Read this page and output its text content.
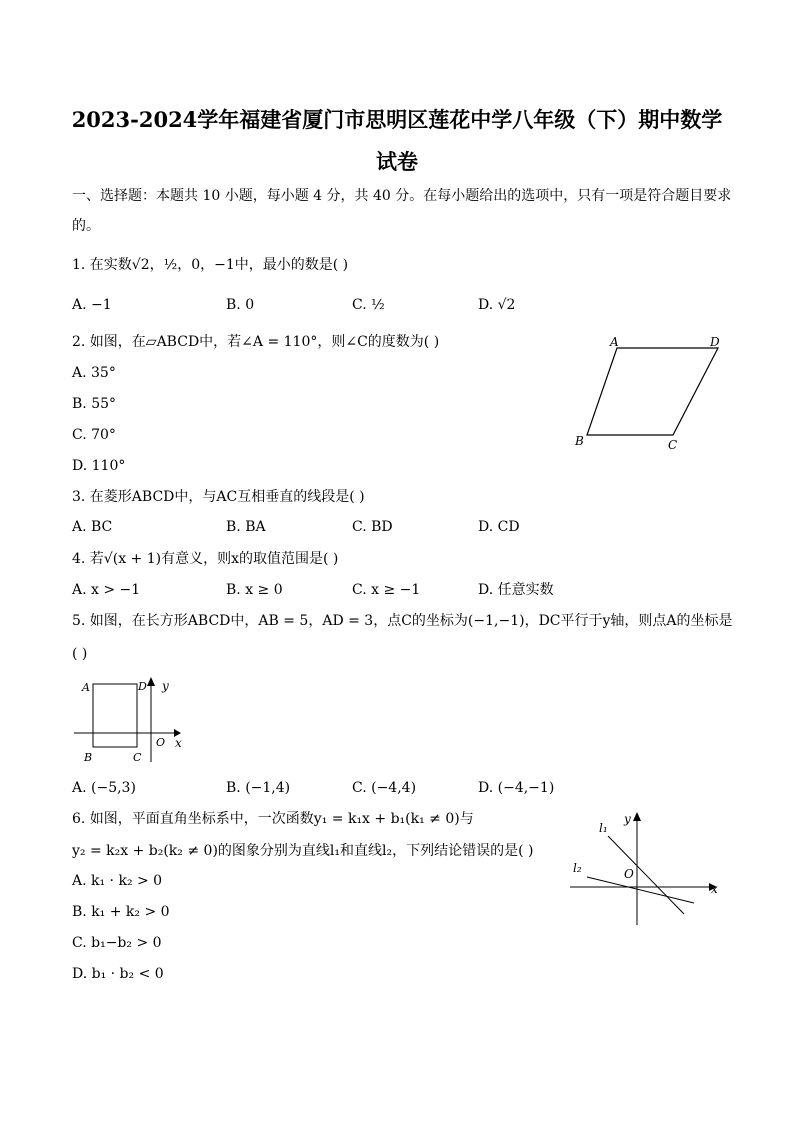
2023-2024学年福建省厦门市思明区莲花中学八年级（下）期中数学
试卷
一、选择题：本题共 10 小题，每小题 4 分，共 40 分。在每小题给出的选项中，只有一项是符合题目要求
的。
1. 在实数√2，½，0，−1中，最小的数是( )
A. −1	B. 0	C. ½	D. √2
2. 如图，在▱ABCD中，若∠A = 110°，则∠C的度数为( )
A. 35°
B. 55°
C. 70°
D. 110°
A	D
B	C
3. 在菱形ABCD中，与AC互相垂直的线段是( )
A. BC	B. BA	C. BD	D. CD
4. 若√(x + 1)有意义，则x的取值范围是( )
A. x > −1	B. x ≥ 0	C. x ≥ −1	D. 任意实数
5. 如图，在长方形ABCD中，AB = 5，AD = 3，点C的坐标为(−1,−1)，DC平行于y轴，则点A的坐标是
( )
A	D y
B	C
O x
A. (−5,3)	B. (−1,4)	C. (−4,4)	D. (−4,−1)
6. 如图，平面直角坐标系中，一次函数y₁ = k₁x + b₁(k₁ ≠ 0)与
y₂ = k₂x + b₂(k₂ ≠ 0)的图象分别为直线l₁和直线l₂，下列结论错误的是( )
A. k₁ · k₂ > 0
B. k₁ + k₂ > 0
C. b₁−b₂ > 0
D. b₁ · b₂ < 0
l₁
y
l₂	O
x
